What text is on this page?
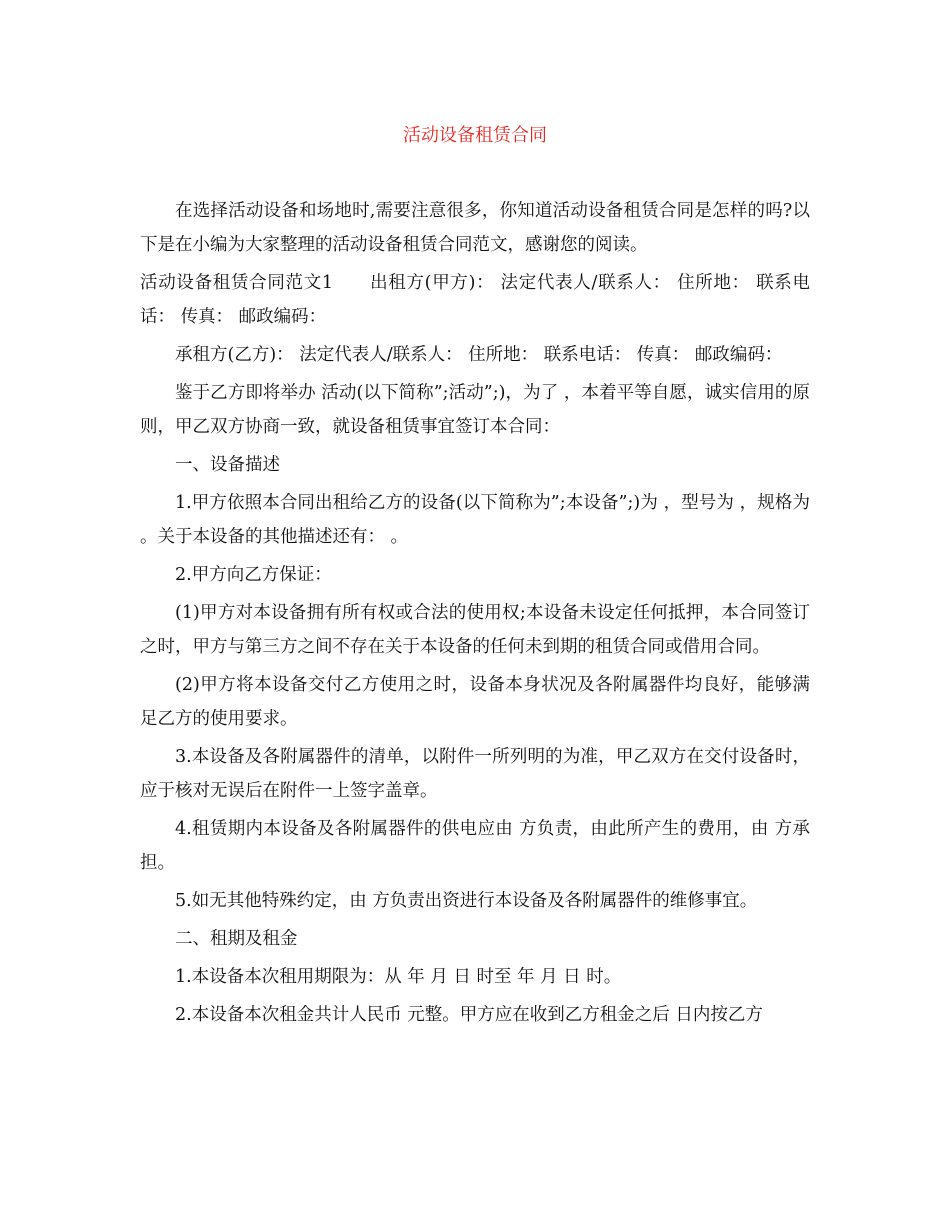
活动设备租赁合同

在选择活动设备和场地时,需要注意很多，你知道活动设备租赁合同是怎样的吗?以下是在小编为大家整理的活动设备租赁合同范文，感谢您的阅读。

活动设备租赁合同范文1　　出租方(甲方)： 法定代表人/联系人： 住所地： 联系电话： 传真： 邮政编码：

承租方(乙方)： 法定代表人/联系人： 住所地： 联系电话： 传真： 邮政编码：

鉴于乙方即将举办 活动(以下简称”;活动”;)，为了 ，本着平等自愿，诚实信用的原则，甲乙双方协商一致，就设备租赁事宜签订本合同：

一、设备描述

1.甲方依照本合同出租给乙方的设备(以下简称为”;本设备”;)为 ，型号为 ，规格为 。关于本设备的其他描述还有： 。

2.甲方向乙方保证：

(1)甲方对本设备拥有所有权或合法的使用权;本设备未设定任何抵押，本合同签订之时，甲方与第三方之间不存在关于本设备的任何未到期的租赁合同或借用合同。

(2)甲方将本设备交付乙方使用之时，设备本身状况及各附属器件均良好，能够满足乙方的使用要求。

3.本设备及各附属器件的清单，以附件一所列明的为准，甲乙双方在交付设备时，应于核对无误后在附件一上签字盖章。

4.租赁期内本设备及各附属器件的供电应由 方负责，由此所产生的费用，由 方承担。

5.如无其他特殊约定，由 方负责出资进行本设备及各附属器件的维修事宜。

二、租期及租金

1.本设备本次租用期限为：从 年 月 日 时至 年 月 日 时。

2.本设备本次租金共计人民币 元整。甲方应在收到乙方租金之后 日内按乙方
